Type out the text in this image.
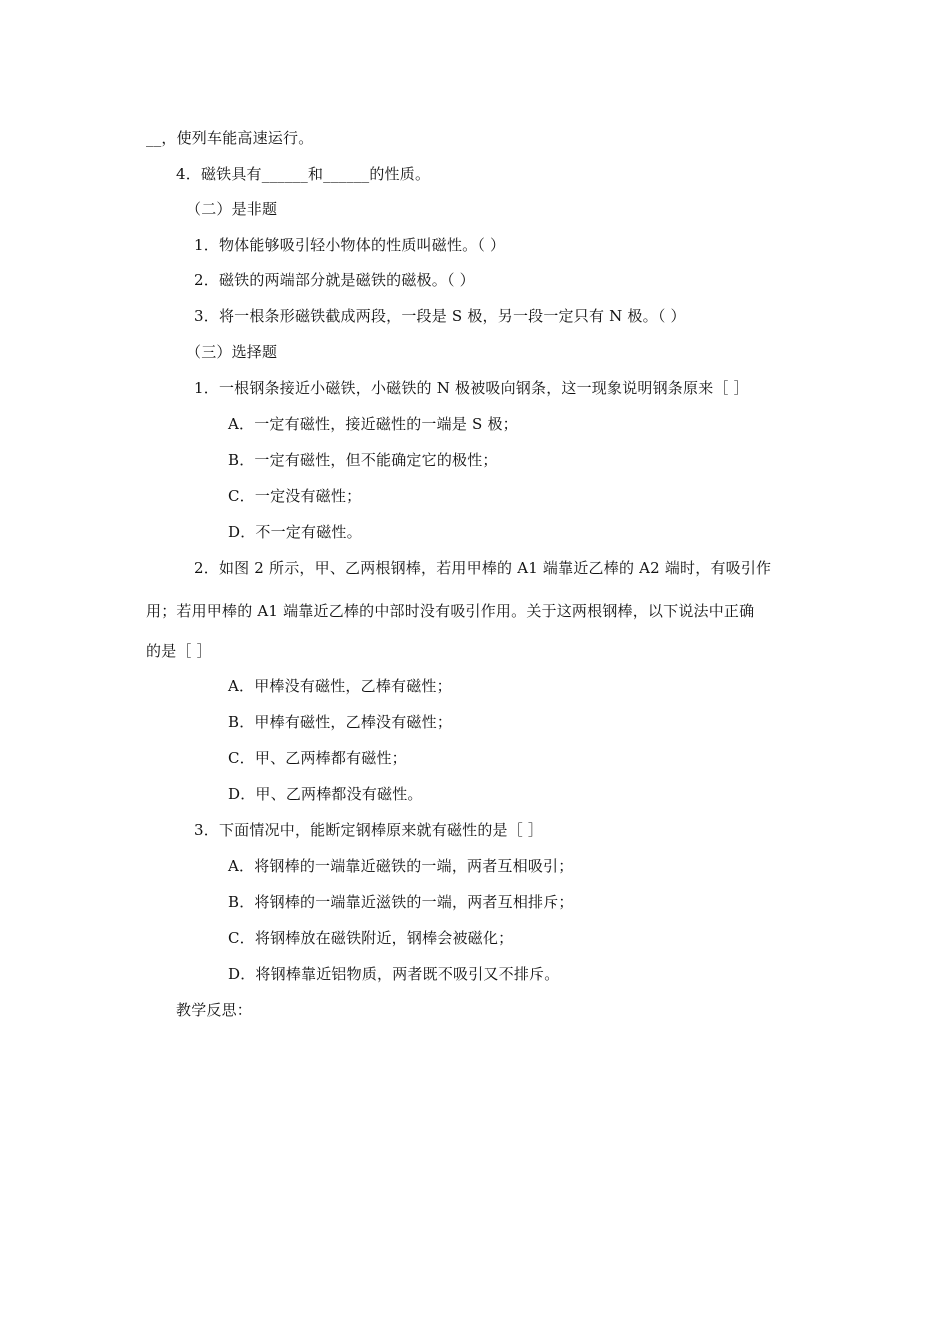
__，使列车能高速运行。
4．磁铁具有______和______的性质。
（二）是非题
1．物体能够吸引轻小物体的性质叫磁性。（ ）
2．磁铁的两端部分就是磁铁的磁极。（ ）
3．将一根条形磁铁截成两段，一段是 S 极，另一段一定只有 N 极。（ ）
（三）选择题
1．一根钢条接近小磁铁，小磁铁的 N 极被吸向钢条，这一现象说明钢条原来［ ］
A．一定有磁性，接近磁性的一端是 S 极；
B．一定有磁性，但不能确定它的极性；
C．一定没有磁性；
D．不一定有磁性。
2．如图 2 所示，甲、乙两根钢棒，若用甲棒的 A1 端靠近乙棒的 A2 端时，有吸引作
用；若用甲棒的 A1 端靠近乙棒的中部时没有吸引作用。关于这两根钢棒，以下说法中正确
的是［ ］
A．甲棒没有磁性，乙棒有磁性；
B．甲棒有磁性，乙棒没有磁性；
C．甲、乙两棒都有磁性；
D．甲、乙两棒都没有磁性。
3．下面情况中，能断定钢棒原来就有磁性的是［ ］
A．将钢棒的一端靠近磁铁的一端，两者互相吸引；
B．将钢棒的一端靠近滋铁的一端，两者互相排斥；
C．将钢棒放在磁铁附近，钢棒会被磁化；
D．将钢棒靠近铝物质，两者既不吸引又不排斥。
教学反思：
